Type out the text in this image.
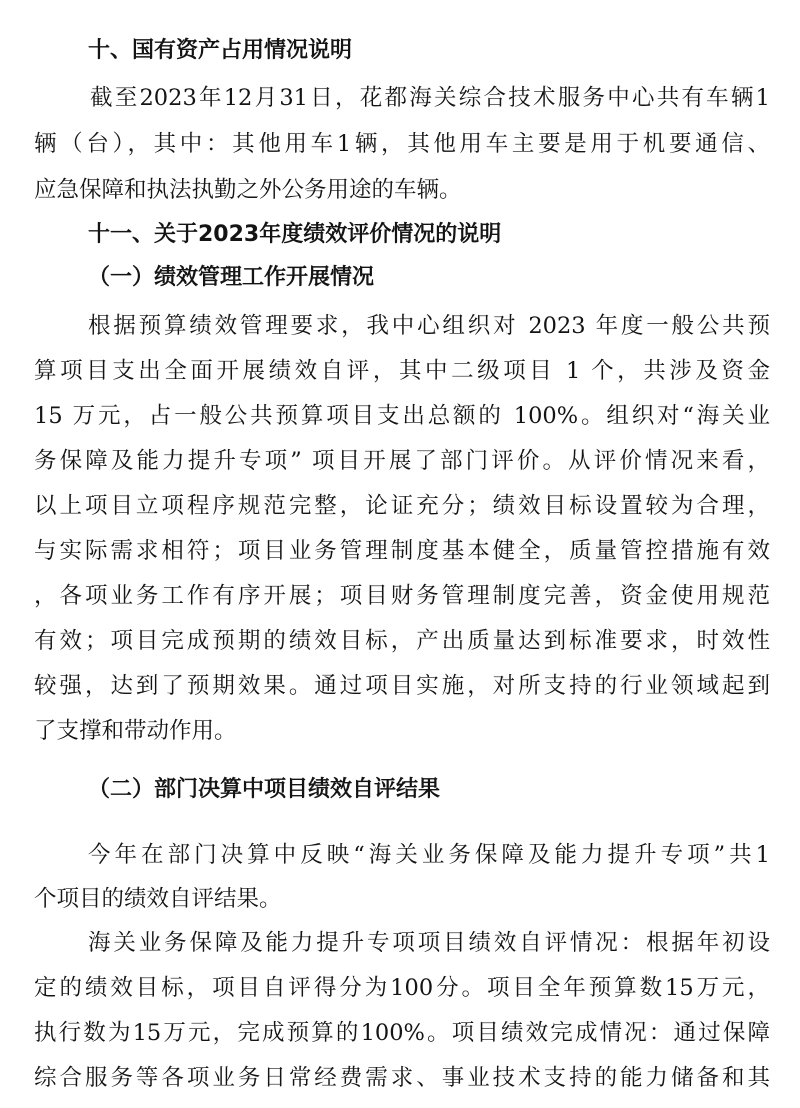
十、国有资产占用情况说明
截至2023年12月31日，花都海关综合技术服务中心共有车辆1
辆（台），其中：其他用车1辆，其他用车主要是用于机要通信、
应急保障和执法执勤之外公务用途的车辆。
十一、关于2023年度绩效评价情况的说明
（一）绩效管理工作开展情况
根据预算绩效管理要求，我中心组织对 2023 年度一般公共预
算项目支出全面开展绩效自评，其中二级项目 1 个，共涉及资金
15 万元，占一般公共预算项目支出总额的 100%。组织对“海关业
务保障及能力提升专项” 项目开展了部门评价。从评价情况来看，
以上项目立项程序规范完整，论证充分；绩效目标设置较为合理，
与实际需求相符；项目业务管理制度基本健全，质量管控措施有效
，各项业务工作有序开展；项目财务管理制度完善，资金使用规范
有效；项目完成预期的绩效目标，产出质量达到标准要求，时效性
较强，达到了预期效果。通过项目实施，对所支持的行业领域起到
了支撑和带动作用。
（二）部门决算中项目绩效自评结果
今年在部门决算中反映“海关业务保障及能力提升专项”共1
个项目的绩效自评结果。
海关业务保障及能力提升专项项目绩效自评情况：根据年初设
定的绩效目标，项目自评得分为100分。项目全年预算数15万元，
执行数为15万元，完成预算的100%。项目绩效完成情况：通过保障
综合服务等各项业务日常经费需求、事业技术支持的能力储备和其
